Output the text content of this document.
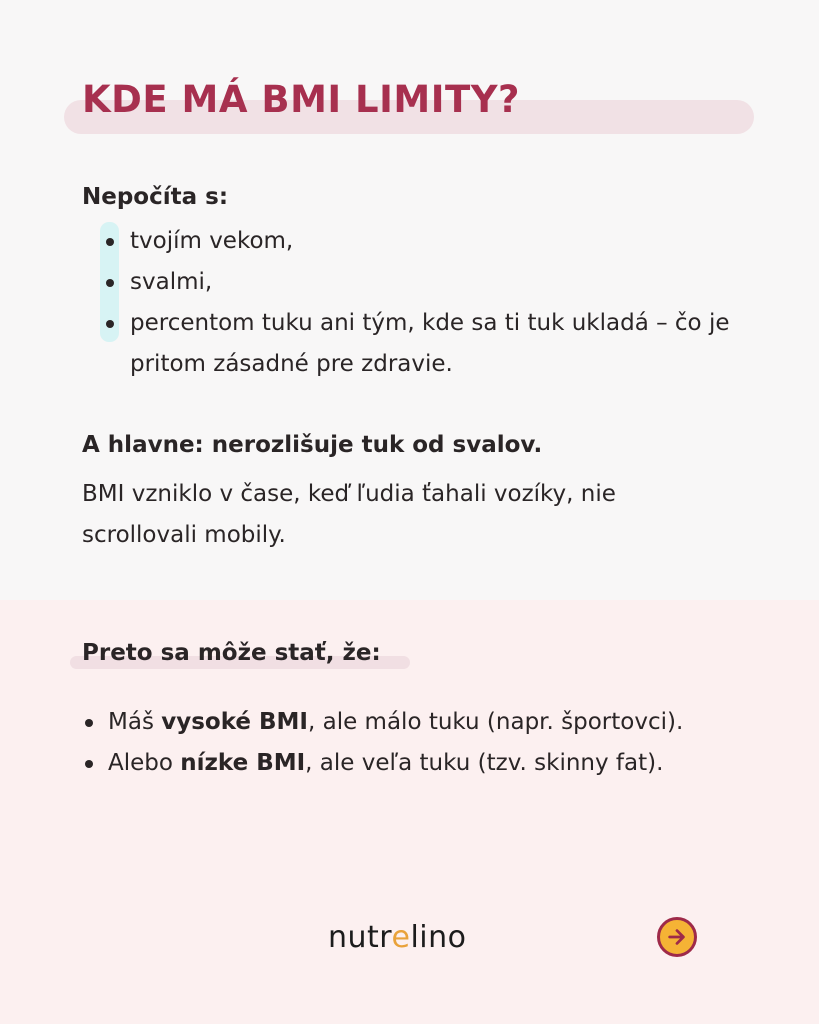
KDE MÁ BMI LIMITY?

Nepočíta s:

tvojím vekom,
svalmi,
percentom tuku ani tým, kde sa ti tuk ukladá – čo je pritom zásadné pre zdravie.

A hlavne: nerozlišuje tuk od svalov.

BMI vzniklo v čase, keď ľudia ťahali vozíky, nie scrollovali mobily.

Preto sa môže stať, že:

Máš vysoké BMI, ale málo tuku (napr. športovci).
Alebo nízke BMI, ale veľa tuku (tzv. skinny fat).

nutrelino
